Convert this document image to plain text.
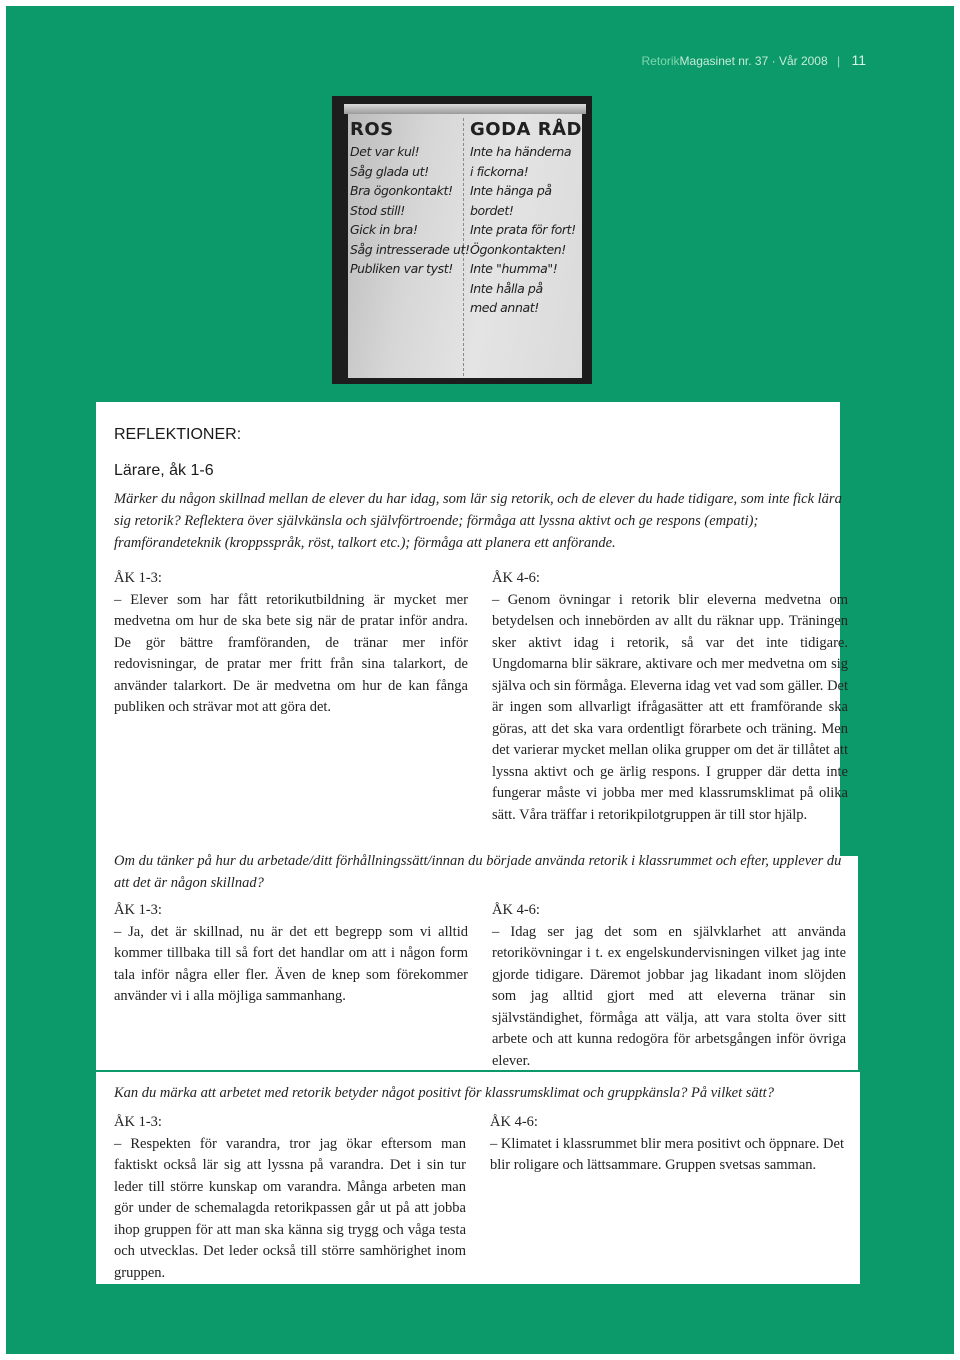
RetorikMagasinet nr. 37 · Vår 2008 | 11
ROS
Det var kul!
Såg glada ut!
Bra ögonkontakt!
Stod still!
Gick in bra!
Såg intresserade ut!
Publiken var tyst!
GODA RÅD
Inte ha händerna
i fickorna!
Inte hänga på
bordet!
Inte prata för fort!
Ögonkontakten!
Inte "humma"!
Inte hålla på
med annat!
REFLEKTIONER:
Lärare, åk 1-6
Märker du någon skillnad mellan de elever du har idag, som lär sig retorik, och de elever du hade tidigare, som inte fick lära sig retorik? Reflektera över självkänsla och självförtroende; förmåga att lyssna aktivt och ge respons (empati); framförandeteknik (kroppsspråk, röst, talkort etc.); förmåga att planera ett anförande.
ÅK 1-3:
– Elever som har fått retorikutbildning är mycket mer medvetna om hur de ska bete sig när de pratar inför andra. De gör bättre framföranden, de tränar mer inför redovisningar, de pratar mer fritt från sina talarkort, de använder talarkort. De är medvetna om hur de kan fånga publiken och strävar mot att göra det.
ÅK 4-6:
– Genom övningar i retorik blir eleverna medvetna om betydelsen och innebörden av allt du räknar upp. Träningen sker aktivt idag i retorik, så var det inte tidigare. Ungdomarna blir säkrare, aktivare och mer medvetna om sig själva och sin förmåga. Eleverna idag vet vad som gäller. Det är ingen som allvarligt ifrågasätter att ett framförande ska göras, att det ska vara ordentligt förarbete och träning. Men det varierar mycket mellan olika grupper om det är tillåtet att lyssna aktivt och ge ärlig respons. I grupper där detta inte fungerar måste vi jobba mer med klassrumsklimat på olika sätt. Våra träffar i retorikpilotgruppen är till stor hjälp.
Om du tänker på hur du arbetade/ditt förhållningssätt/innan du började använda retorik i klassrummet och efter, upplever du att det är någon skillnad?
ÅK 1-3:
– Ja, det är skillnad, nu är det ett begrepp som vi alltid kommer tillbaka till så fort det handlar om att i någon form tala inför några eller fler. Även de knep som förekommer använder vi i alla möjliga sammanhang.
ÅK 4-6:
– Idag ser jag det som en självklarhet att använda retorikövningar i t. ex engelskundervisningen vilket jag inte gjorde tidigare. Däremot jobbar jag likadant inom slöjden som jag alltid gjort med att eleverna tränar sin självständighet, förmåga att välja, att vara stolta över sitt arbete och att kunna redogöra för arbetsgången inför övriga elever.
Kan du märka att arbetet med retorik betyder något positivt för klassrumsklimat och gruppkänsla? På vilket sätt?
ÅK 1-3:
– Respekten för varandra, tror jag ökar eftersom man faktiskt också lär sig att lyssna på varandra. Det i sin tur leder till större kunskap om varandra. Många arbeten man gör under de schemalagda retorikpassen går ut på att jobba ihop gruppen för att man ska känna sig trygg och våga testa och utvecklas. Det leder också till större samhörighet inom gruppen.
ÅK 4-6:
– Klimatet i klassrummet blir mera positivt och öppnare. Det blir roligare och lättsammare. Gruppen svetsas samman.
